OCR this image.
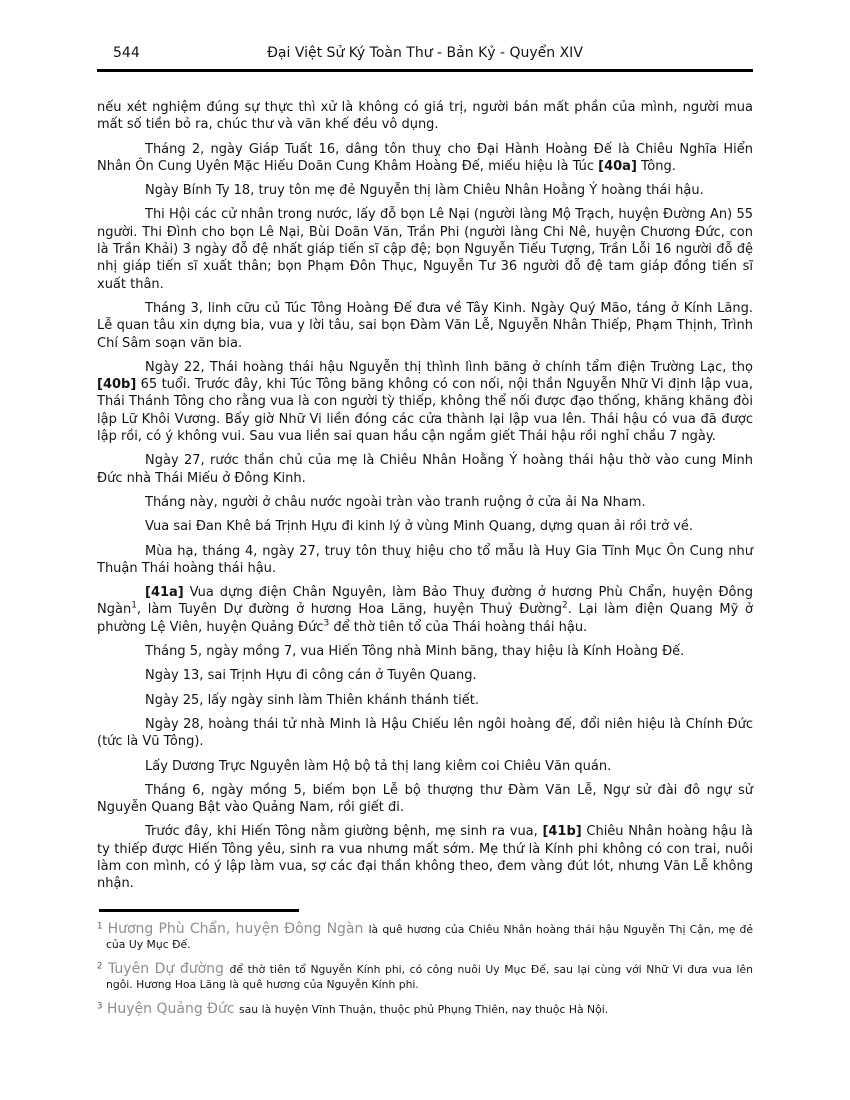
544	Đại Việt Sử Ký Toàn Thư - Bản Kỷ - Quyển XIV

nếu xét nghiệm đúng sự thực thì xử là không có giá trị, người bán mất phần của mình, người mua mất số tiền bỏ ra, chúc thư và văn khế đều vô dụng.

Tháng 2, ngày Giáp Tuất 16, dâng tôn thuỵ cho Đại Hành Hoàng Đế là Chiêu Nghĩa Hiển Nhân Ôn Cung Uyên Mặc Hiếu Doãn Cung Khâm Hoàng Đế, miếu hiệu là Túc [40a] Tông.

Ngày Bính Ty 18, truy tôn mẹ đẻ Nguyễn thị làm Chiêu Nhân Hoằng Ý hoàng thái hậu.

Thi Hội các cử nhân trong nước, lấy đỗ bọn Lê Nại (người làng Mộ Trạch, huyện Đường An) 55 người. Thi Đình cho bọn Lê Nại, Bùi Doãn Văn, Trần Phi (người làng Chi Nê, huyện Chương Đức, con là Trần Khải) 3 ngày đỗ đệ nhất giáp tiến sĩ cập đệ; bọn Nguyễn Tiếu Tượng, Trần Lỗi 16 người đỗ đệ nhị giáp tiến sĩ xuất thân; bọn Phạm Đôn Thục, Nguyễn Tư 36 người đỗ đệ tam giáp đồng tiến sĩ xuất thân.

Tháng 3, linh cữu củ Túc Tông Hoàng Đế đưa về Tây Kinh. Ngày Quý Mão, táng ở Kính Lăng. Lễ quan tâu xin dựng bia, vua y lời tâu, sai bọn Đàm Văn Lễ, Nguyễn Nhân Thiếp, Phạm Thịnh, Trình Chí Sâm soạn văn bia.

Ngày 22, Thái hoàng thái hậu Nguyễn thị thình lình băng ở chính tẩm điện Trường Lạc, thọ [40b] 65 tuổi. Trước đây, khi Túc Tông băng không có con nối, nội thần Nguyễn Nhữ Vi định lập vua, Thái Thánh Tông cho rằng vua là con người tỳ thiếp, không thể nối được đạo thống, khăng khăng đòi lập Lữ Khôi Vương. Bấy giờ Nhữ Vi liền đóng các cửa thành lại lập vua lên. Thái hậu có vua đã được lập rồi, có ý không vui. Sau vua liền sai quan hầu cận ngầm giết Thái hậu rồi nghỉ chầu 7 ngày.

Ngày 27, rước thần chủ của mẹ là Chiêu Nhân Hoằng Ý hoàng thái hậu thờ vào cung Minh Đức nhà Thái Miếu ở Đông Kinh.

Tháng này, người ở châu nước ngoài tràn vào tranh ruộng ở cửa ải Na Nham.

Vua sai Đan Khê bá Trịnh Hựu đi kinh lý ở vùng Minh Quang, dựng quan ải rồi trở về.

Mùa hạ, tháng 4, ngày 27, truy tôn thuỵ hiệu cho tổ mẫu là Huy Gia Tĩnh Mục Ôn Cung như Thuận Thái hoàng thái hậu.

[41a] Vua dựng điện Chân Nguyên, làm Bảo Thuỵ đường ở hương Phù Chẩn, huyện Đông Ngàn$^1$, làm Tuyên Dự đường ở hương Hoa Lăng, huyện Thuỷ Đường$^2$. Lại làm điện Quang Mỹ ở phường Lệ Viên, huyện Quảng Đức$^3$ để thờ tiên tổ của Thái hoàng thái hậu.

Tháng 5, ngày mồng 7, vua Hiến Tông nhà Minh băng, thay hiệu là Kính Hoàng Đế.

Ngày 13, sai Trịnh Hựu đi công cán ở Tuyên Quang.

Ngày 25, lấy ngày sinh làm Thiên khánh thánh tiết.

Ngày 28, hoàng thái tử nhà Minh là Hậu Chiếu lên ngôi hoàng đế, đổi niên hiệu là Chính Đức (tức là Vũ Tông).

Lấy Dương Trực Nguyên làm Hộ bộ tả thị lang kiêm coi Chiêu Văn quán.

Tháng 6, ngày mồng 5, biếm bọn Lễ bộ thượng thư Đàm Văn Lễ, Ngự sử đài đô ngự sử Nguyễn Quang Bật vào Quảng Nam, rồi giết đi.

Trước đây, khi Hiến Tông nằm giường bệnh, mẹ sinh ra vua, [41b] Chiêu Nhân hoàng hậu là ty thiếp được Hiến Tông yêu, sinh ra vua nhưng mất sớm. Mẹ thứ là Kính phi không có con trai, nuôi làm con mình, có ý lập làm vua, sợ các đại thần không theo, đem vàng đút lót, nhưng Văn Lễ không nhận.

$^1$ Hương Phù Chẩn, huyện Đông Ngàn là quê hương của Chiêu Nhân hoàng thái hậu Nguyễn Thị Cận, mẹ đẻ của Uy Mục Đế.
$^2$ Tuyên Dự đường để thờ tiên tổ Nguyễn Kính phi, có công nuôi Uy Mục Đế, sau lại cùng với Nhữ Vi đưa vua lên ngôi. Hương Hoa Lăng là quê hương của Nguyễn Kính phi.
$^3$ Huyện Quảng Đức sau là huyện Vĩnh Thuận, thuộc phủ Phụng Thiên, nay thuộc Hà Nội.
